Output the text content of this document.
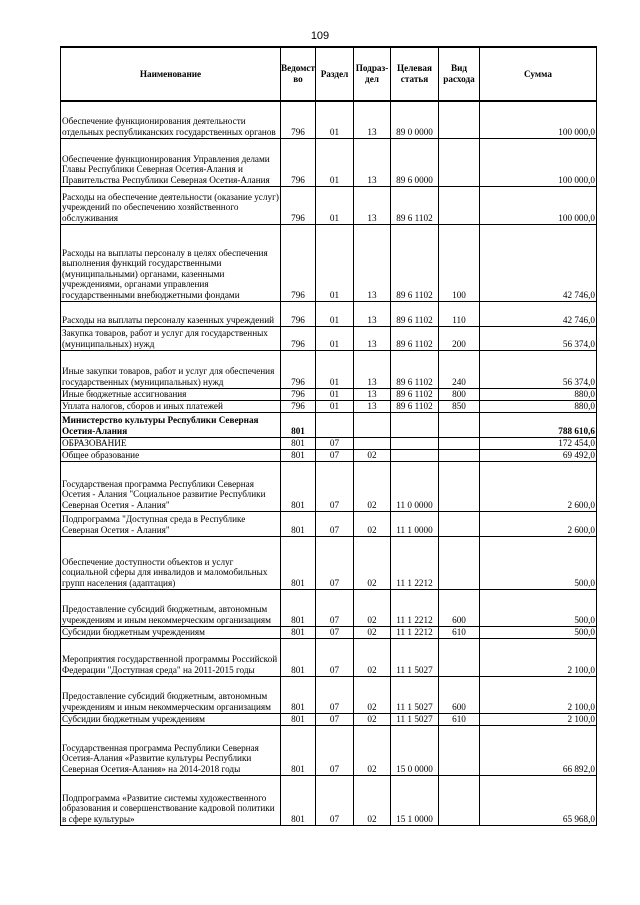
109
Наименование	Ведомст во	Раздел	Подраз- дел	Целевая статья	Вид расхода	Сумма
Обеспечение функционирования деятельности отдельных республиканских государственных органов	796	01	13	89 0 0000		100 000,0
Обеспечение функционирования Управления делами Главы Республики Северная Осетия-Алания и Правительства Республики Северная Осетия-Алания	796	01	13	89 6 0000		100 000,0
Расходы на обеспечение деятельности (оказание услуг) учреждений по обеспечению хозяйственного обслуживания	796	01	13	89 6 1102		100 000,0
Расходы на выплаты персоналу в целях обеспечения выполнения функций государственными (муниципальными) органами, казенными учреждениями, органами управления государственными внебюджетными фондами	796	01	13	89 6 1102	100	42 746,0
Расходы на выплаты персоналу казенных учреждений	796	01	13	89 6 1102	110	42 746,0
Закупка товаров, работ и услуг для государственных (муниципальных) нужд	796	01	13	89 6 1102	200	56 374,0
Иные закупки товаров, работ и услуг для обеспечения государственных (муниципальных) нужд	796	01	13	89 6 1102	240	56 374,0
Иные бюджетные ассигнования	796	01	13	89 6 1102	800	880,0
Уплата налогов, сборов и иных платежей	796	01	13	89 6 1102	850	880,0
Министерство культуры Республики Северная Осетия-Алания	801					788 610,6
ОБРАЗОВАНИЕ	801	07				172 454,0
Общее образование	801	07	02			69 492,0
Государственая программа Республики Северная Осетия - Алания "Социальное развитие Республики Северная Осетия - Алания"	801	07	02	11 0 0000		2 600,0
Подпрограмма "Доступная среда в Республике Северная Осетия - Алания"	801	07	02	11 1 0000		2 600,0
Обеспечение доступности объектов и услуг социальной сферы для инвалидов и маломобильных групп населения (адаптация)	801	07	02	11 1 2212		500,0
Предоставление субсидий бюджетным, автономным учреждениям и иным некоммерческим организациям	801	07	02	11 1 2212	600	500,0
Субсидии бюджетным учреждениям	801	07	02	11 1 2212	610	500,0
Мероприятия государственной программы Российской Федерации "Доступная среда" на 2011-2015 годы	801	07	02	11 1 5027		2 100,0
Предоставление субсидий бюджетным, автономным учреждениям и иным некоммерческим организациям	801	07	02	11 1 5027	600	2 100,0
Субсидии бюджетным учреждениям	801	07	02	11 1 5027	610	2 100,0
Государственная программа Республики Северная Осетия-Алания «Развитие культуры Республики Северная Осетия-Алания» на 2014-2018 годы	801	07	02	15 0 0000		66 892,0
Подпрограмма «Развитие системы художественного образования и совершенствование кадровой политики в сфере культуры»	801	07	02	15 1 0000		65 968,0
